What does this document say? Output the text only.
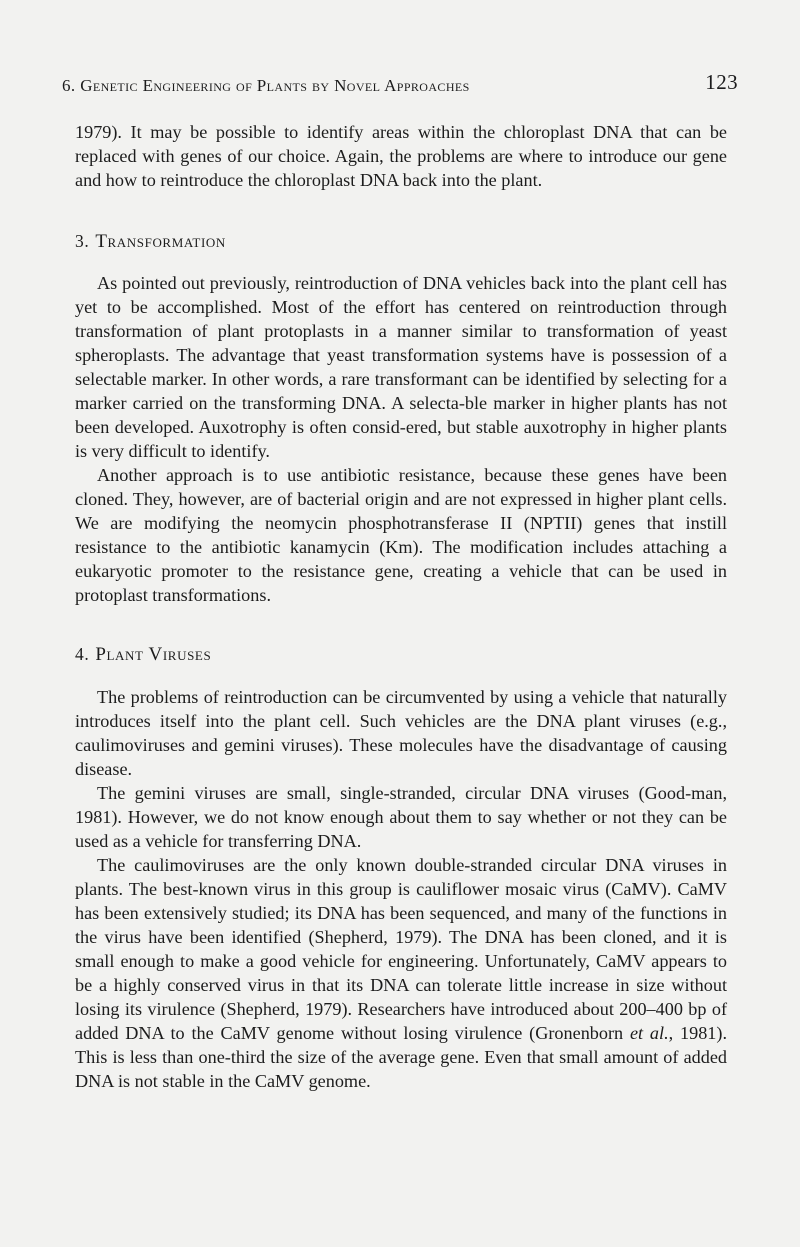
6. Genetic Engineering of Plants by Novel Approaches	123

1979). It may be possible to identify areas within the chloroplast DNA that can be replaced with genes of our choice. Again, the problems are where to introduce our gene and how to reintroduce the chloroplast DNA back into the plant.

3. Transformation

As pointed out previously, reintroduction of DNA vehicles back into the plant cell has yet to be accomplished. Most of the effort has centered on reintroduction through transformation of plant protoplasts in a manner similar to transformation of yeast spheroplasts. The advantage that yeast transformation systems have is possession of a selectable marker. In other words, a rare transformant can be identified by selecting for a marker carried on the transforming DNA. A selecta-ble marker in higher plants has not been developed. Auxotrophy is often consid-ered, but stable auxotrophy in higher plants is very difficult to identify.

Another approach is to use antibiotic resistance, because these genes have been cloned. They, however, are of bacterial origin and are not expressed in higher plant cells. We are modifying the neomycin phosphotransferase II (NPTII) genes that instill resistance to the antibiotic kanamycin (Km). The modification includes attaching a eukaryotic promoter to the resistance gene, creating a vehicle that can be used in protoplast transformations.

4. Plant Viruses

The problems of reintroduction can be circumvented by using a vehicle that naturally introduces itself into the plant cell. Such vehicles are the DNA plant viruses (e.g., caulimoviruses and gemini viruses). These molecules have the disadvantage of causing disease.

The gemini viruses are small, single-stranded, circular DNA viruses (Good-man, 1981). However, we do not know enough about them to say whether or not they can be used as a vehicle for transferring DNA.

The caulimoviruses are the only known double-stranded circular DNA viruses in plants. The best-known virus in this group is cauliflower mosaic virus (CaMV). CaMV has been extensively studied; its DNA has been sequenced, and many of the functions in the virus have been identified (Shepherd, 1979). The DNA has been cloned, and it is small enough to make a good vehicle for engineering. Unfortunately, CaMV appears to be a highly conserved virus in that its DNA can tolerate little increase in size without losing its virulence (Shepherd, 1979). Researchers have introduced about 200–400 bp of added DNA to the CaMV genome without losing virulence (Gronenborn et al., 1981). This is less than one-third the size of the average gene. Even that small amount of added DNA is not stable in the CaMV genome.
